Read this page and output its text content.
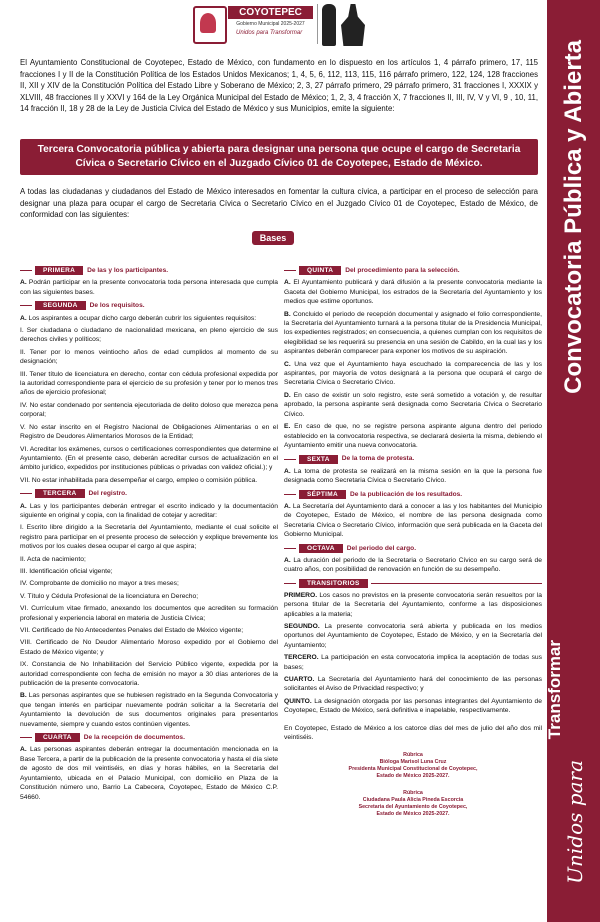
COYOTEPEC
Gobierno Municipal 2025-2027
Unidos para Transformar
Convocatoria Pública y Abierta
Transformar
Unidos para
El Ayuntamiento Constitucional de Coyotepec, Estado de México, con fundamento en lo dispuesto en los artículos 1, 4 párrafo primero, 17, 115 fracciones I y II de la Constitución Política de los Estados Unidos Mexicanos; 1, 4, 5, 6, 112, 113, 115, 116 párrafo primero, 122, 124, 128 fracciones II, XII y XIV de la Constitución Política del Estado Libre y Soberano de México; 2, 3, 27 párrafo primero, 29 párrafo primero, 31 fracciones I, XXXIX y XLVIII, 48 fracciones II y XXVI y 164 de la Ley Orgánica Municipal del Estado de México; 1, 2, 3, 4 fracción X, 7 fracciones II, III, IV, V y VI, 9 , 10, 11, 14 fracción II, 18 y 28 de la Ley de Justicia Cívica del Estado de México y sus Municipios, emite la siguiente:
Tercera Convocatoria pública y abierta para designar una persona que ocupe el cargo de Secretaria Cívica o Secretario Cívico en el Juzgado Cívico 01 de Coyotepec, Estado de México.
A todas las ciudadanas y ciudadanos del Estado de México interesados en fomentar la cultura cívica, a participar en el proceso de selección para designar una plaza para ocupar el cargo de Secretaria Cívica o Secretario Cívico en el Juzgado Cívico 01 de Coyotepec, Estado de México, de conformidad con las siguientes:
Bases
PRIMERA	De las y los participantes.

A. Podrán participar en la presente convocatoria toda persona interesada que cumpla con las siguientes bases.

SEGUNDA	De los requisitos.

A. Los aspirantes a ocupar dicho cargo deberán cubrir los siguientes requisitos:

I. Ser ciudadana o ciudadano de nacionalidad mexicana, en pleno ejercicio de sus derechos civiles y políticos;

II. Tener por lo menos veintiocho años de edad cumplidos al momento de su designación;

III. Tener título de licenciatura en derecho, contar con cédula profesional expedida por la autoridad correspondiente para el ejercicio de su profesión y tener por lo menos tres años de ejercicio profesional;

IV. No estar condenado por sentencia ejecutoriada de delito doloso que merezca pena corporal;

V. No estar inscrito en el Registro Nacional de Obligaciones Alimentarias o en el Registro de Deudores Alimentarios Morosos de la Entidad;

VI. Acreditar los exámenes, cursos o certificaciones correspondientes que determine el Ayuntamiento. (En el presente caso, deberán acreditar cursos de actualización en el ámbito jurídico, expedidos por instituciones públicas o privadas con validez oficial.); y

VII. No estar inhabilitada para desempeñar el cargo, empleo o comisión pública.

TERCERA	Del registro.

A. Las y los participantes deberán entregar el escrito indicado y la documentación siguiente en original y copia, con la finalidad de cotejar y acreditar:

I. Escrito libre dirigido a la Secretaría del Ayuntamiento, mediante el cual solicite el registro para participar en el presente proceso de selección y explique brevemente los motivos por los cuales desea ocupar el cargo al que aspira;

II. Acta de nacimiento;

III. Identificación oficial vigente;

IV. Comprobante de domicilio no mayor a tres meses;

V. Título y Cédula Profesional de la licenciatura en Derecho;

VI. Currículum vitae firmado, anexando los documentos que acrediten su formación profesional y experiencia laboral en materia de Justicia Cívica;

VII. Certificado de No Antecedentes Penales del Estado de México vigente;

VIII. Certificado de No Deudor Alimentario Moroso expedido por el Gobierno del Estado de México vigente; y

IX. Constancia de No Inhabilitación del Servicio Público vigente, expedida por la autoridad correspondiente con fecha de emisión no mayor a 30 días anteriores de la publicación de la presente convocatoria.

B. Las personas aspirantes que se hubiesen registrado en la Segunda Convocatoria y que tengan interés en participar nuevamente podrán solicitar a la Secretaría del Ayuntamiento la devolución de sus documentos originales para presentarlos nuevamente, siempre y cuando estos continúen vigentes.

CUARTA	De la recepción de documentos.

A. Las personas aspirantes deberán entregar la documentación mencionada en la Base Tercera, a partir de la publicación de la presente convocatoria y hasta el día siete de agosto de dos mil veintiséis, en días y horas hábiles, en la Secretaría del Ayuntamiento, ubicada en el Palacio Municipal, con domicilio en Plaza de la Constitución número uno, Barrio La Cabecera, Coyotepec, Estado de México C.P. 54660.

QUINTA	Del procedimiento para la selección.

A. El Ayuntamiento publicará y dará difusión a la presente convocatoria mediante la Gaceta del Gobierno Municipal, los estrados de la Secretaría del Ayuntamiento y los medios que estime oportunos.

B. Concluido el periodo de recepción documental y asignado el folio correspondiente, la Secretaría del Ayuntamiento turnará a la persona titular de la Presidencia Municipal, los expedientes registrados; en consecuencia, a quienes cumplan con los requisitos de elegibilidad se les requerirá su presencia en una sesión de Cabildo, en la cual las y los aspirantes deberán comparecer para exponer los motivos de su aspiración.

C. Una vez que el Ayuntamiento haya escuchado la comparecencia de las y los aspirantes, por mayoría de votos designará a la persona que ocupará el cargo de Secretaria Cívica o Secretario Cívico.

D. En caso de existir un solo registro, este será sometido a votación y, de resultar aprobado, la persona aspirante será designada como Secretaria Cívica o Secretario Cívico.

E. En caso de que, no se registre persona aspirante alguna dentro del periodo establecido en la convocatoria respectiva, se declarará desierta la misma, debiendo el Ayuntamiento emitir una nueva convocatoria.

SEXTA	De la toma de protesta.

A. La toma de protesta se realizará en la misma sesión en la que la persona fue designada como Secretaria Cívica o Secretario Cívico.

SÉPTIMA	De la publicación de los resultados.

A. La Secretaría del Ayuntamiento dará a conocer a las y los habitantes del Municipio de Coyotepec, Estado de México, el nombre de las persona designada como Secretaria Cívica o Secretario Cívico, información que será publicada en la Gaceta del Gobierno Municipal.

OCTAVA	Del periodo del cargo.

A. La duración del periodo de la Secretaria o Secretario Cívico en su cargo será de cuatro años, con posibilidad de renovación en función de su desempeño.

TRANSITORIOS

PRIMERO. Los casos no previstos en la presente convocatoria serán resueltos por la persona titular de la Secretaría del Ayuntamiento, conforme a las disposiciones aplicables a la materia;

SEGUNDO. La presente convocatoria será abierta y publicada en los medios oportunos del Ayuntamiento de Coyotepec, Estado de México, y en la Secretaría del Ayuntamiento;

TERCERO. La participación en esta convocatoria implica la aceptación de todas sus bases;

CUARTO. La Secretaría del Ayuntamiento hará del conocimiento de las personas solicitantes el Aviso de Privacidad respectivo; y

QUINTO. La designación otorgada por las personas integrantes del Ayuntamiento de Coyotepec, Estado de México, será definitiva e inapelable, respectivamente.

En Coyotepec, Estado de México a los catorce días del mes de julio del año dos mil veintiséis.

Rúbrica
Bióloga Marisol Luna Cruz
Presidenta Municipal Constitucional de Coyotepec,
Estado de México 2025-2027.
Rúbrica
Ciudadana Paula Alicia Pineda Escorcia
Secretaria del Ayuntamiento de Coyotepec,
Estado de México 2025-2027.
